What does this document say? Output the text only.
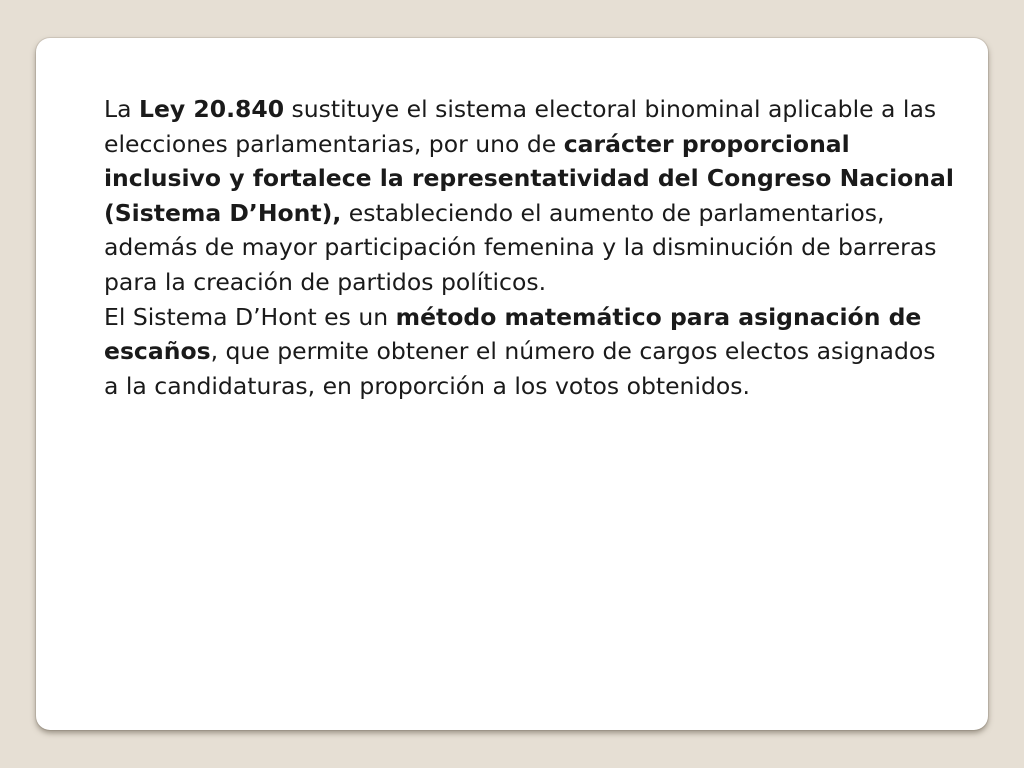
La Ley 20.840 sustituye el sistema electoral binominal aplicable a las elecciones parlamentarias, por uno de carácter proporcional inclusivo y fortalece la representatividad del Congreso Nacional (Sistema D’Hont), estableciendo el aumento de parlamentarios, además de mayor participación femenina y la disminución de barreras para la creación de partidos políticos.

El Sistema D’Hont es un método matemático para asignación de escaños, que permite obtener el número de cargos electos asignados a la candidaturas, en proporción a los votos obtenidos.
